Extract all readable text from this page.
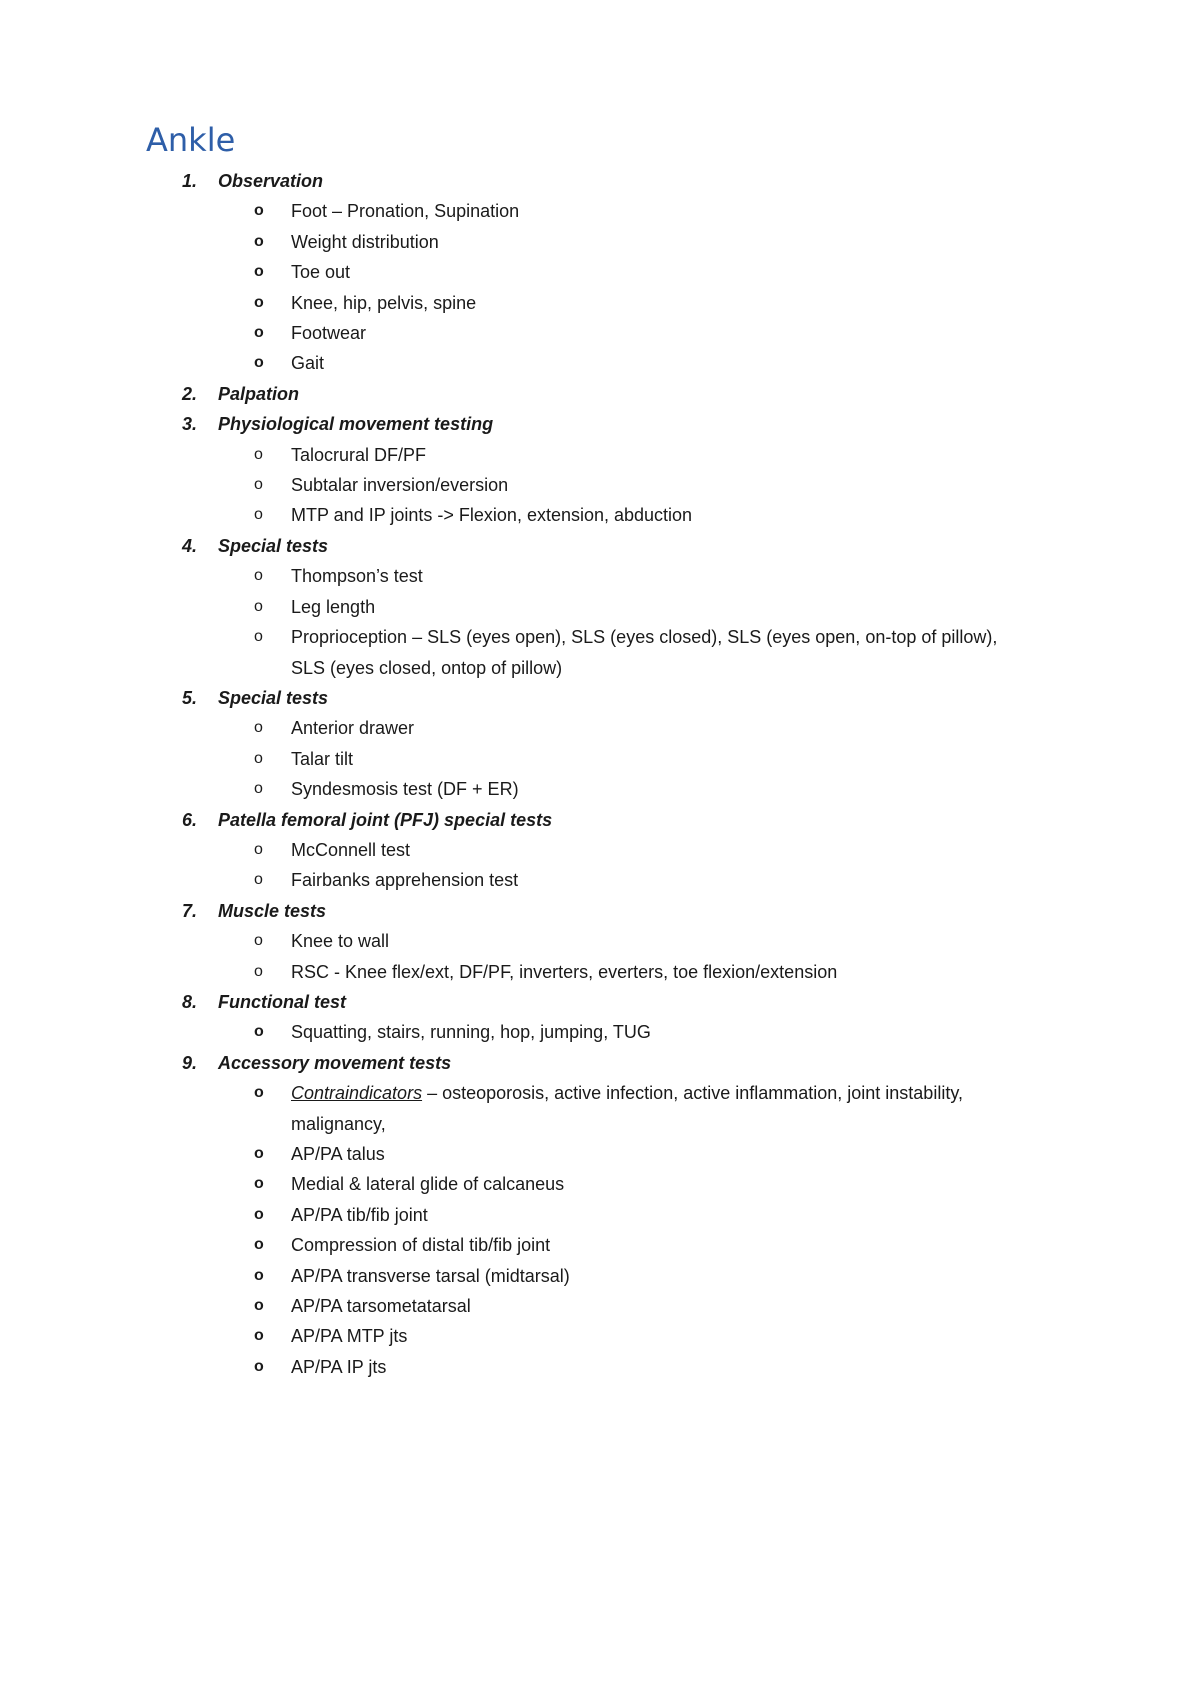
Ankle
1. Observation
o Foot – Pronation, Supination
o Weight distribution
o Toe out
o Knee, hip, pelvis, spine
o Footwear
o Gait
2. Palpation
3. Physiological movement testing
o Talocrural DF/PF
o Subtalar inversion/eversion
o MTP and IP joints -> Flexion, extension, abduction
4. Special tests
o Thompson’s test
o Leg length
o Proprioception – SLS (eyes open), SLS (eyes closed), SLS (eyes open, on-top of pillow), SLS (eyes closed, ontop of pillow)
5. Special tests
o Anterior drawer
o Talar tilt
o Syndesmosis test (DF + ER)
6. Patella femoral joint (PFJ) special tests
o McConnell test
o Fairbanks apprehension test
7. Muscle tests
o Knee to wall
o RSC - Knee flex/ext, DF/PF, inverters, everters, toe flexion/extension
8. Functional test
o Squatting, stairs, running, hop, jumping, TUG
9. Accessory movement tests
o Contraindicators – osteoporosis, active infection, active inflammation, joint instability, malignancy,
o AP/PA talus
o Medial & lateral glide of calcaneus
o AP/PA tib/fib joint
o Compression of distal tib/fib joint
o AP/PA transverse tarsal (midtarsal)
o AP/PA tarsometatarsal
o AP/PA MTP jts
o AP/PA IP jts
